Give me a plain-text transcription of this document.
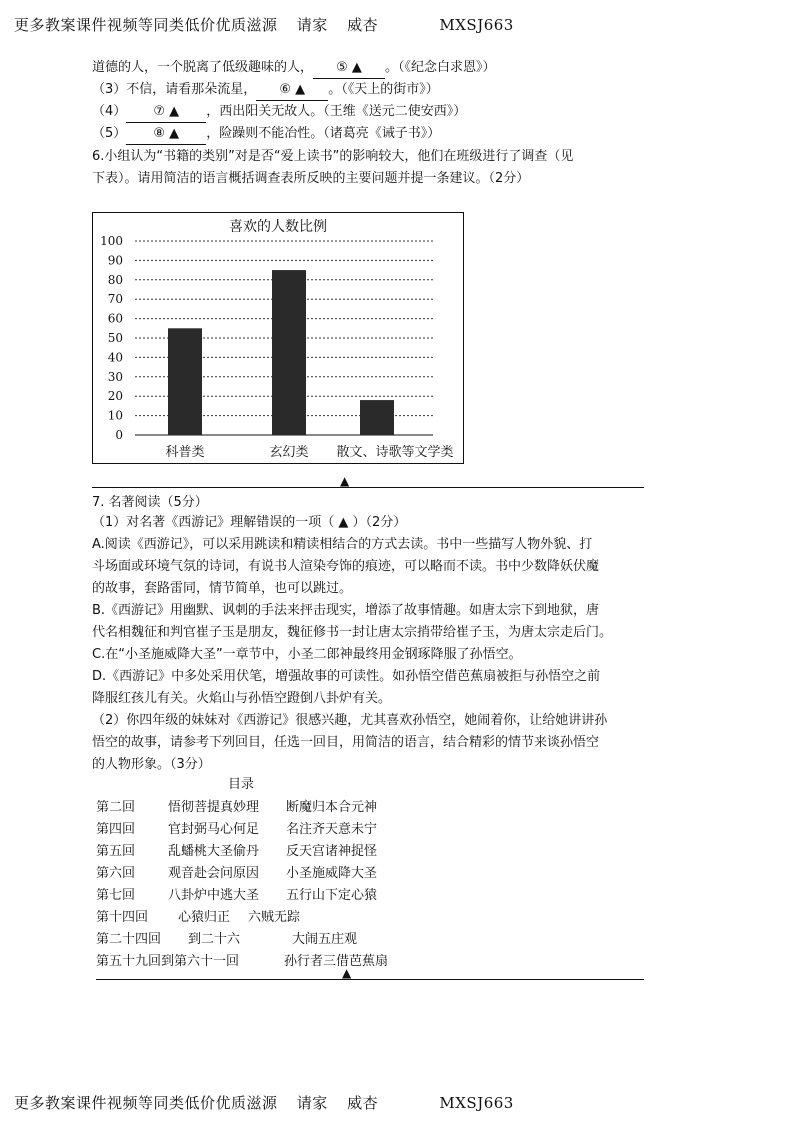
更多教案课件视频等同类低价优质滋源 请家 威杏	MXSJ663
道德的人，一个脱离了低级趣味的人， ⑤ ▲ 。（《纪念白求恩》）
（3）不信，请看那朵流星， ⑥ ▲ 。（《天上的街市》）
（4） ⑦ ▲ ，西出阳关无故人。（王维《送元二使安西》）
（5） ⑧ ▲ ，险躁则不能冶性。（诸葛亮《诫子书》）
6.小组认为“书籍的类别”对是否“爱上读书”的影响较大，他们在班级进行了调查（见
下表）。请用简洁的语言概括调查表所反映的主要问题并提一条建议。（2分）
喜欢的人数比例
0
10
20
30
40
50
60
70
80
90
100
科普类	玄幻类 散文、诗歌等文学类
▲
7. 名著阅读（5分）
（1）对名著《西游记》理解错误的一项（ ▲ ）（2分）
A.阅读《西游记》，可以采用跳读和精读相结合的方式去读。书中一些描写人物外貌、打
斗场面或环境气氛的诗词，有说书人渲染夸饰的痕迹，可以略而不读。书中少数降妖伏魔
的故事，套路雷同，情节简单，也可以跳过。
B.《西游记》用幽默、讽刺的手法来抨击现实，增添了故事情趣。如唐太宗下到地狱，唐
代名相魏征和判官崔子玉是朋友，魏征修书一封让唐太宗捎带给崔子玉，为唐太宗走后门。
C.在“小圣施威降大圣”一章节中，小圣二郎神最终用金钢琢降服了孙悟空。
D.《西游记》中多处采用伏笔，增强故事的可读性。如孙悟空借芭蕉扇被拒与孙悟空之前
降服红孩儿有关。火焰山与孙悟空蹬倒八卦炉有关。
（2）你四年级的妹妹对《西游记》很感兴趣，尤其喜欢孙悟空，她闹着你，让给她讲讲孙
悟空的故事，请参考下列回目，任选一回目，用简洁的语言，结合精彩的情节来谈孙悟空
的人物形象。（3分）
目录
第二回	悟彻菩提真妙理 断魔归本合元神
第四回	官封弼马心何足 名注齐天意未宁
第五回	乱蟠桃大圣偷丹 反天宫诸神捉怪
第六回	观音赴会问原因 小圣施威降大圣
第七回	八卦炉中逃大圣 五行山下定心猿
第十四回 心猿归正 六贼无踪
第二十四回 到二十六	大闹五庄观
第五十九回到第六十一回	孙行者三借芭蕉扇
▲
更多教案课件视频等同类低价优质滋源 请家 威杏	MXSJ663
